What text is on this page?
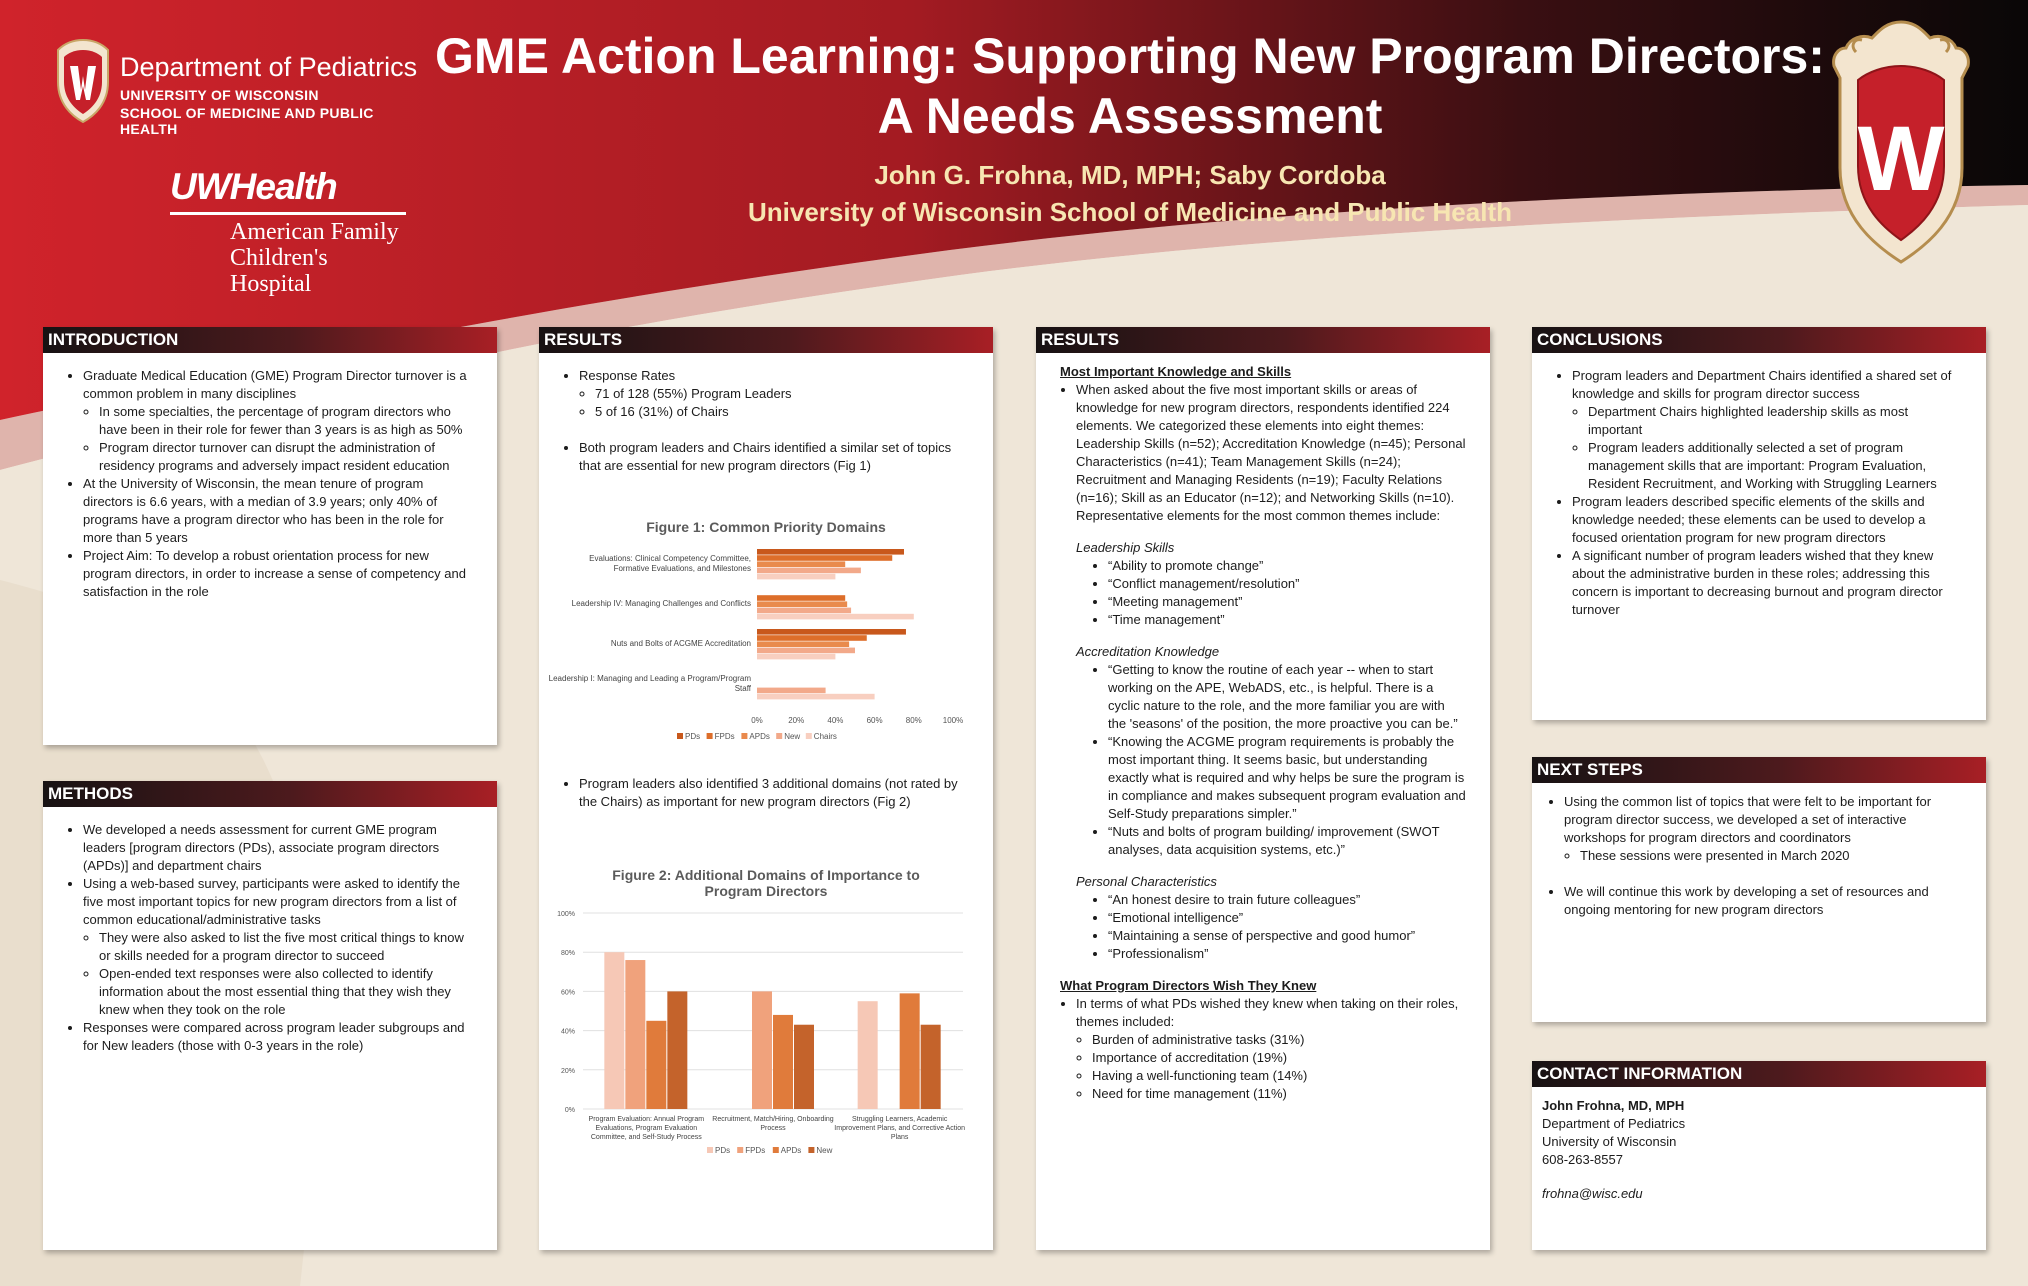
Department of Pediatrics
UNIVERSITY OF WISCONSIN
SCHOOL OF MEDICINE AND PUBLIC HEALTH
UWHealth
American Family
Children's Hospital
GME Action Learning: Supporting New Program Directors:
A Needs Assessment
John G. Frohna, MD, MPH; Saby Cordoba
University of Wisconsin School of Medicine and Public Health
W
INTRODUCTION
• Graduate Medical Education (GME) Program Director turnover is a common problem in many disciplines
◦ In some specialties, the percentage of program directors who have been in their role for fewer than 3 years is as high as 50%
◦ Program director turnover can disrupt the administration of residency programs and adversely impact resident education
• At the University of Wisconsin, the mean tenure of program directors is 6.6 years, with a median of 3.9 years; only 40% of programs have a program director who has been in the role for more than 5 years
• Project Aim: To develop a robust orientation process for new program directors, in order to increase a sense of competency and satisfaction in the role
METHODS
• We developed a needs assessment for current GME program leaders [program directors (PDs), associate program directors (APDs)] and department chairs
• Using a web-based survey, participants were asked to identify the five most important topics for new program directors from a list of common educational/administrative tasks
◦ They were also asked to list the five most critical things to know or skills needed for a program director to succeed
◦ Open-ended text responses were also collected to identify information about the most essential thing that they wish they knew when they took on the role
• Responses were compared across program leader subgroups and for New leaders (those with 0-3 years in the role)
RESULTS
• Response Rates
◦ 71 of 128 (55%) Program Leaders
◦ 5 of 16 (31%) of Chairs
• Both program leaders and Chairs identified a similar set of topics that are essential for new program directors (Fig 1)
Figure 1: Common Priority Domains
Evaluations: Clinical Competency Committee,
Formative Evaluations, and Milestones
Leadership IV: Managing Challenges and Conflicts
Nuts and Bolts of ACGME Accreditation
Leadership I: Managing and Leading a Program/Program
Staff
0%	20%	40%	60%	80%	100%
PDs FPDs APDs New Chairs
• Program leaders also identified 3 additional domains (not rated by the Chairs) as important for new program directors (Fig 2)
Figure 2: Additional Domains of Importance to
Program Directors
0%
20%
40%
60%
80%
100%
Program Evaluation: Annual Program
Evaluations, Program Evaluation
Committee, and Self-Study Process
Recruitment, Match/Hiring, Onboarding
Process
Struggling Learners, Academic
Improvement Plans, and Corrective Action
Plans
PDs FPDs APDs New
RESULTS
Most Important Knowledge and Skills
• When asked about the five most important skills or areas of knowledge for new program directors, respondents identified 224 elements. We categorized these elements into eight themes: Leadership Skills (n=52); Accreditation Knowledge (n=45); Personal Characteristics (n=41); Team Management Skills (n=24); Recruitment and Managing Residents (n=19); Faculty Relations (n=16); Skill as an Educator (n=12); and Networking Skills (n=10). Representative elements for the most common themes include:
Leadership Skills
• “Ability to promote change”
• “Conflict management/resolution”
• “Meeting management”
• “Time management”
Accreditation Knowledge
• “Getting to know the routine of each year -- when to start working on the APE, WebADS, etc., is helpful. There is a cyclic nature to the role, and the more familiar you are with the 'seasons' of the position, the more proactive you can be.”
• “Knowing the ACGME program requirements is probably the most important thing. It seems basic, but understanding exactly what is required and why helps be sure the program is in compliance and makes subsequent program evaluation and Self-Study preparations simpler.”
• “Nuts and bolts of program building/ improvement (SWOT analyses, data acquisition systems, etc.)”
Personal Characteristics
• “An honest desire to train future colleagues”
• “Emotional intelligence”
• “Maintaining a sense of perspective and good humor”
• “Professionalism”
What Program Directors Wish They Knew
• In terms of what PDs wished they knew when taking on their roles, themes included:
◦ Burden of administrative tasks (31%)
◦ Importance of accreditation (19%)
◦ Having a well-functioning team (14%)
◦ Need for time management (11%)
CONCLUSIONS
• Program leaders and Department Chairs identified a shared set of knowledge and skills for program director success
◦ Department Chairs highlighted leadership skills as most important
◦ Program leaders additionally selected a set of program management skills that are important: Program Evaluation, Resident Recruitment, and Working with Struggling Learners
• Program leaders described specific elements of the skills and knowledge needed; these elements can be used to develop a focused orientation program for new program directors
• A significant number of program leaders wished that they knew about the administrative burden in these roles; addressing this concern is important to decreasing burnout and program director turnover
NEXT STEPS
• Using the common list of topics that were felt to be important for program director success, we developed a set of interactive workshops for program directors and coordinators
◦ These sessions were presented in March 2020
• We will continue this work by developing a set of resources and ongoing mentoring for new program directors
CONTACT INFORMATION
John Frohna, MD, MPH
Department of Pediatrics
University of Wisconsin
608-263-8557
frohna@wisc.edu
